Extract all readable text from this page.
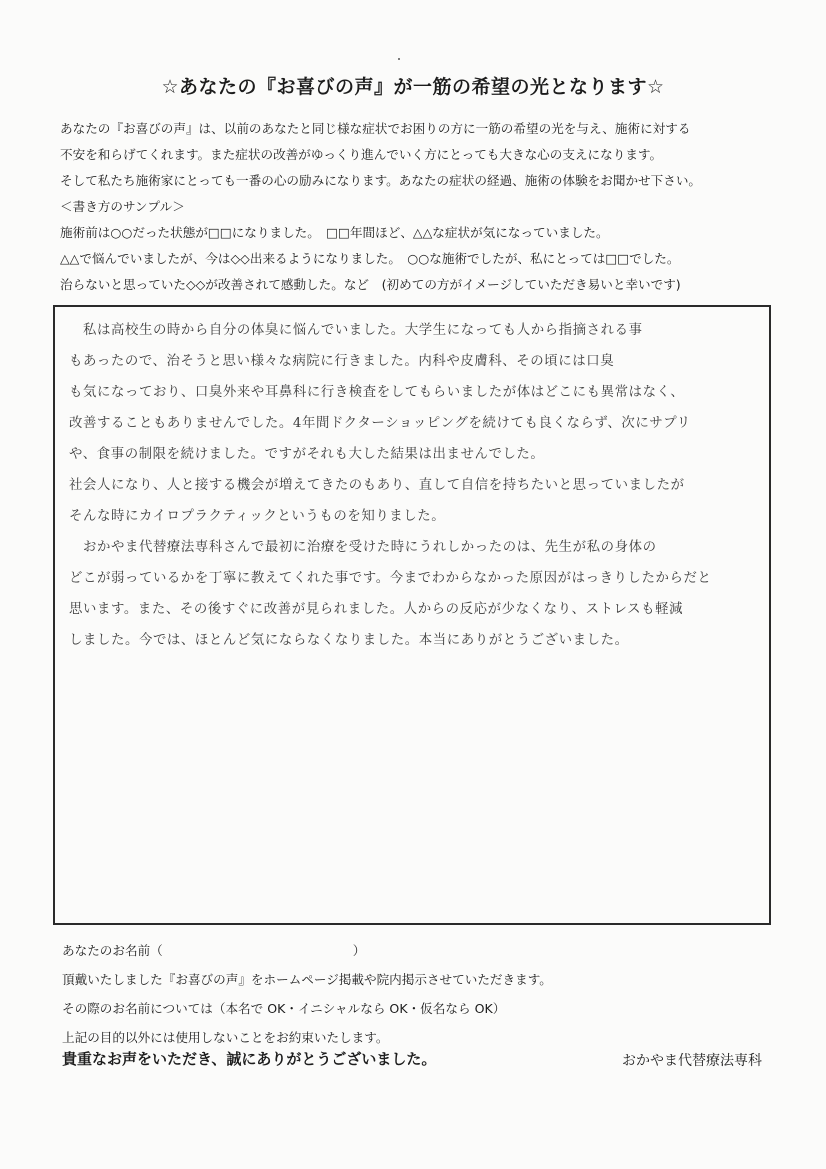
☆あなたの『お喜びの声』が一筋の希望の光となります☆

あなたの『お喜びの声』は、以前のあなたと同じ様な症状でお困りの方に一筋の希望の光を与え、施術に対する

不安を和らげてくれます。また症状の改善がゆっくり進んでいく方にとっても大きな心の支えになります。

そして私たち施術家にとっても一番の心の励みになります。あなたの症状の経過、施術の体験をお聞かせ下さい。

＜書き方のサンプル＞

施術前は○○だった状態が□□になりました。　□□年間ほど、△△な症状が気になっていました。

△△で悩んでいましたが、今は◇◇出来るようになりました。　○○な施術でしたが、私にとっては□□でした。

治らないと思っていた◇◇が改善されて感動した。など　(初めての方がイメージしていただき易いと幸いです)

　私は高校生の時から自分の体臭に悩んでいました。大学生になっても人から指摘される事
もあったので、治そうと思い様々な病院に行きました。内科や皮膚科、その頃には口臭
も気になっており、口臭外来や耳鼻科に行き検査をしてもらいましたが体はどこにも異常はなく、
改善することもありませんでした。4年間ドクターショッピングを続けても良くならず、次にサプリ
や、食事の制限を続けました。ですがそれも大した結果は出ませんでした。
社会人になり、人と接する機会が増えてきたのもあり、直して自信を持ちたいと思っていましたが
そんな時にカイロプラクティックというものを知りました。
　おかやま代替療法専科さんで最初に治療を受けた時にうれしかったのは、先生が私の身体の
どこが弱っているかを丁寧に教えてくれた事です。今までわからなかった原因がはっきりしたからだと
思います。また、その後すぐに改善が見られました。人からの反応が少なくなり、ストレスも軽減
しました。今では、ほとんど気にならなくなりました。本当にありがとうございました。

あなたのお名前（	）

頂戴いたしました『お喜びの声』をホームページ掲載や院内掲示させていただきます。

その際のお名前については（本名で OK・イニシャルなら OK・仮名なら OK）

上記の目的以外には使用しないことをお約束いたします。

貴重なお声をいただき、誠にありがとうございました。	おかやま代替療法専科
